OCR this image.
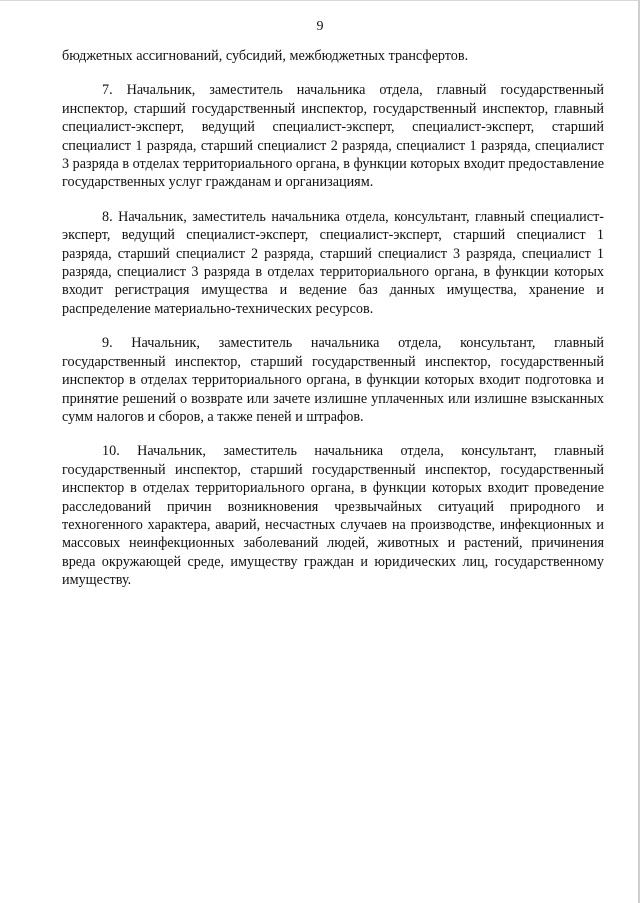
9

бюджетных ассигнований, субсидий, межбюджетных трансфертов.

7. Начальник, заместитель начальника отдела, главный государственный инспектор, старший государственный инспектор, государственный инспектор, главный специалист-эксперт, ведущий специалист-эксперт, специалист-эксперт, старший специалист 1 разряда, старший специалист 2 разряда, специалист 1 разряда, специалист 3 разряда в отделах территориального органа, в функции которых входит предоставление государственных услуг гражданам и организациям.

8. Начальник, заместитель начальника отдела, консультант, главный специалист-эксперт, ведущий специалист-эксперт, специалист-эксперт, старший специалист 1 разряда, старший специалист 2 разряда, старший специалист 3 разряда, специалист 1 разряда, специалист 3 разряда в отделах территориального органа, в функции которых входит регистрация имущества и ведение баз данных имущества, хранение и распределение материально-технических ресурсов.

9. Начальник, заместитель начальника отдела, консультант, главный государственный инспектор, старший государственный инспектор, государственный инспектор в отделах территориального органа, в функции которых входит подготовка и принятие решений о возврате или зачете излишне уплаченных или излишне взысканных сумм налогов и сборов, а также пеней и штрафов.

10. Начальник, заместитель начальника отдела, консультант, главный государственный инспектор, старший государственный инспектор, государственный инспектор в отделах территориального органа, в функции которых входит проведение расследований причин возникновения чрезвычайных ситуаций природного и техногенного характера, аварий, несчастных случаев на производстве, инфекционных и массовых неинфекционных заболеваний людей, животных и растений, причинения вреда окружающей среде, имуществу граждан и юридических лиц, государственному имуществу.
